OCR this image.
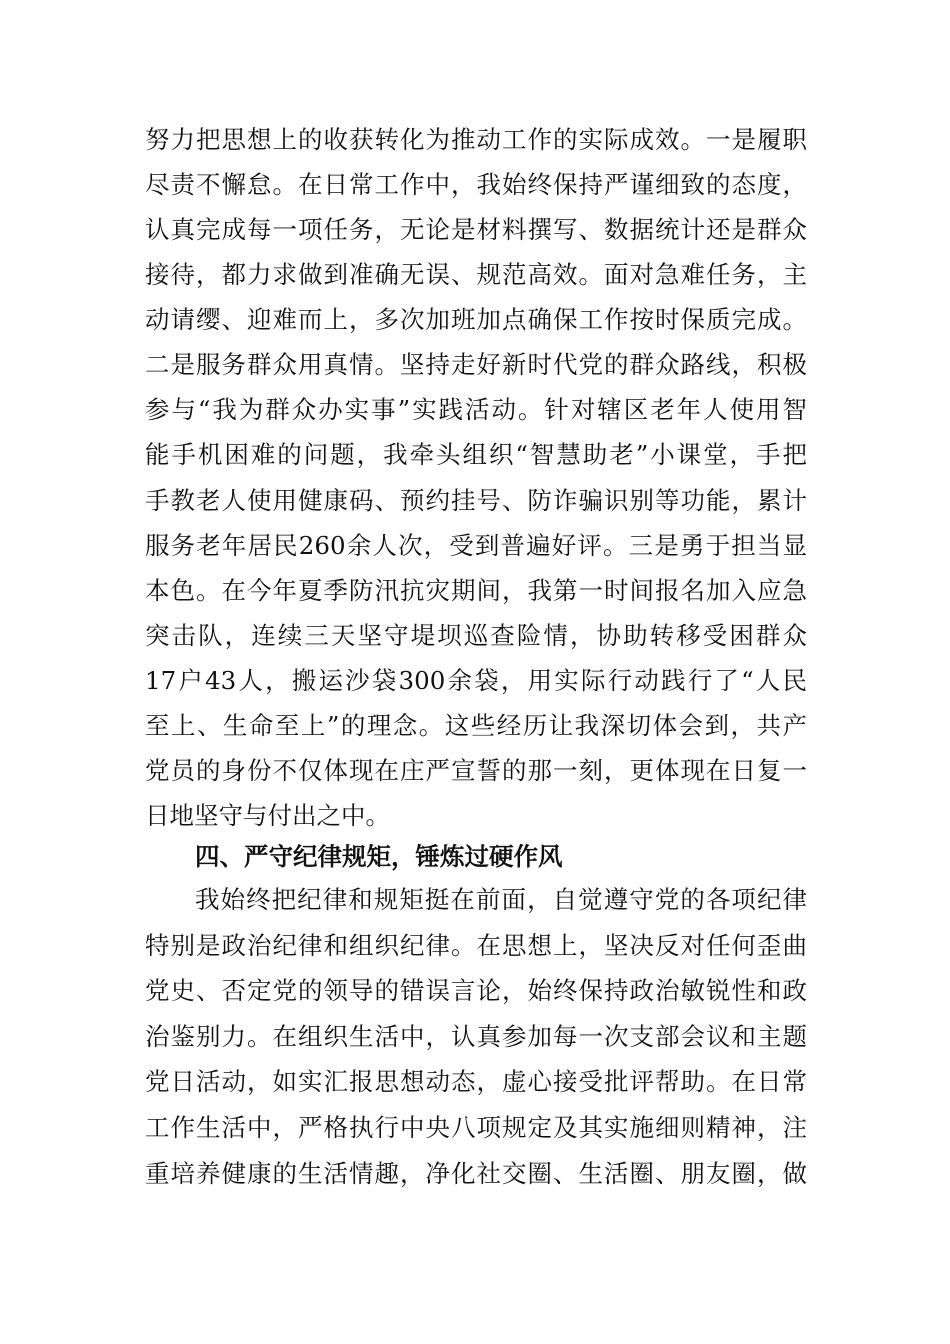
努力把思想上的收获转化为推动工作的实际成效。一是履职
尽责不懈怠。在日常工作中，我始终保持严谨细致的态度，
认真完成每一项任务，无论是材料撰写、数据统计还是群众
接待，都力求做到准确无误、规范高效。面对急难任务，主
动请缨、迎难而上，多次加班加点确保工作按时保质完成。
二是服务群众用真情。坚持走好新时代党的群众路线，积极
参与“我为群众办实事”实践活动。针对辖区老年人使用智
能手机困难的问题，我牵头组织“智慧助老”小课堂，手把
手教老人使用健康码、预约挂号、防诈骗识别等功能，累计
服务老年居民260余人次，受到普遍好评。三是勇于担当显
本色。在今年夏季防汛抗灾期间，我第一时间报名加入应急
突击队，连续三天坚守堤坝巡查险情，协助转移受困群众
17户43人，搬运沙袋300余袋，用实际行动践行了“人民
至上、生命至上”的理念。这些经历让我深切体会到，共产
党员的身份不仅体现在庄严宣誓的那一刻，更体现在日复一
日地坚守与付出之中。
四、严守纪律规矩，锤炼过硬作风
我始终把纪律和规矩挺在前面，自觉遵守党的各项纪律
特别是政治纪律和组织纪律。在思想上，坚决反对任何歪曲
党史、否定党的领导的错误言论，始终保持政治敏锐性和政
治鉴别力。在组织生活中，认真参加每一次支部会议和主题
党日活动，如实汇报思想动态，虚心接受批评帮助。在日常
工作生活中，严格执行中央八项规定及其实施细则精神，注
重培养健康的生活情趣，净化社交圈、生活圈、朋友圈，做
